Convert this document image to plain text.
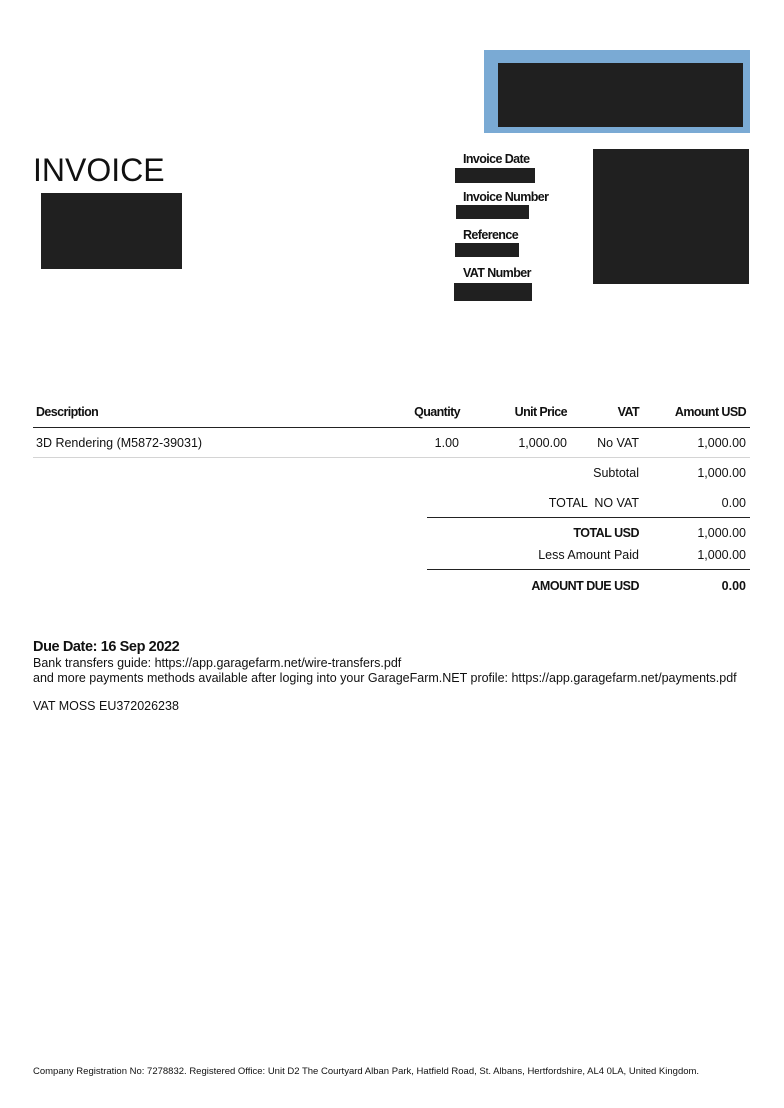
INVOICE	Invoice Date
Invoice Number
Reference
VAT Number
Description	Quantity	Unit Price	VAT	Amount USD
3D Rendering (M5872-39031)	1.00	1,000.00	No VAT	1,000.00
Subtotal	1,000.00
TOTAL  NO VAT	0.00
TOTAL USD	1,000.00
Less Amount Paid	1,000.00
AMOUNT DUE USD	0.00
Due Date: 16 Sep 2022
Bank transfers guide: https://app.garagefarm.net/wire-transfers.pdf
and more payments methods available after loging into your GarageFarm.NET profile: https://app.garagefarm.net/payments.pdf
VAT MOSS EU372026238
Company Registration No: 7278832. Registered Office: Unit D2 The Courtyard Alban Park, Hatfield Road, St. Albans, Hertfordshire, AL4 0LA, United Kingdom.
